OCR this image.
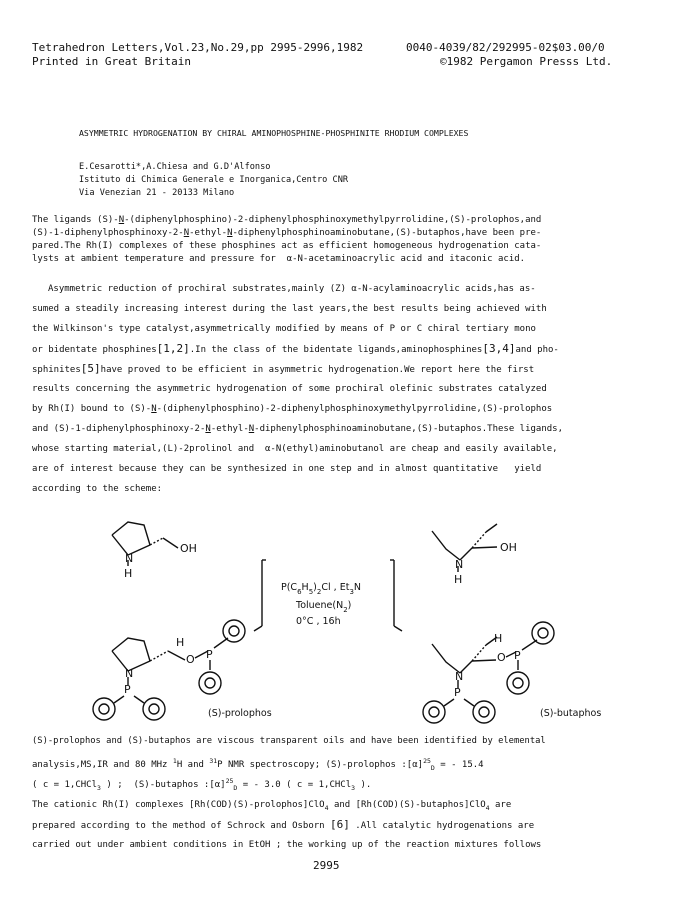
Tetrahedron Letters,Vol.23,No.29,pp 2995-2996,1982
Printed in Great Britain
0040-4039/82/292995-02$03.00/0
©1982 Pergamon Presss Ltd.
ASYMMETRIC HYDROGENATION BY CHIRAL AMINOPHOSPHINE-PHOSPHINITE RHODIUM COMPLEXES
E.Cesarotti*,A.Chiesa and G.D'Alfonso
Istituto di Chimica Generale e Inorganica,Centro CNR
Via Venezian 21 - 20133 Milano
The ligands (S)-N-(diphenylphosphino)-2-diphenylphosphinoxymethylpyrrolidine,(S)-prolophos,and
(S)-1-diphenylphosphinoxy-2-N-ethyl-N-diphenylphosphinoaminobutane,(S)-butaphos,have been pre-
pared.The Rh(I) complexes of these phosphines act as efficient homogeneous hydrogenation cata-
lysts at ambient temperature and pressure for  α-N-acetaminoacrylic acid and itaconic acid.
Asymmetric reduction of prochiral substrates,mainly (Z) α-N-acylaminoacrylic acids,has as-
sumed a steadily increasing interest during the last years,the best results being achieved with
the Wilkinson's type catalyst,asymmetrically modified by means of P or C chiral tertiary mono
or bidentate phosphines[1,2].In the class of the bidentate ligands,aminophosphines[3,4]and pho-
sphinites[5]have proved to be efficient in asymmetric hydrogenation.We report here the first
results concerning the asymmetric hydrogenation of some prochiral olefinic substrates catalyzed
by Rh(I) bound to (S)-N-(diphenylphosphino)-2-diphenylphosphinoxymethylpyrrolidine,(S)-prolophos
and (S)-1-diphenylphosphinoxy-2-N-ethyl-N-diphenylphosphinoaminobutane,(S)-butaphos.These ligands,
whose starting material,(L)-2prolinol and  α-N(ethyl)aminobutanol are cheap and easily available,
are of interest because they can be synthesized in one step and in almost quantitative   yield
according to the scheme:
N
H
OH
N
H
OH
N
P
H
O P
N
P
H
O P
$P(C_6H_5)_2Cl$ , $Et_3N$
$Toluene(N_2)$
0°C , 16h
(S)-prolophos	(S)-butaphos
(S)-prolophos and (S)-butaphos are viscous transparent oils and have been identified by elemental
analysis,MS,IR and 80 MHz $^1$H and $^{31}$P NMR spectroscopy; (S)-prolophos $:[\alpha]^{25}_D$ = - 15.4
( c = 1,CHCl$_3$ ) ;  (S)-butaphos $:[\alpha]^{25}_D$ = - 3.0 ( c = 1,CHCl$_3$ ).
The cationic Rh(I) complexes [Rh(COD)(S)-prolophos]ClO$_4$ and [Rh(COD)(S)-butaphos]ClO$_4$ are
prepared according to the method of Schrock and Osborn [6] .All catalytic hydrogenations are
carried out under ambient conditions in EtOH ; the working up of the reaction mixtures follows
2995
